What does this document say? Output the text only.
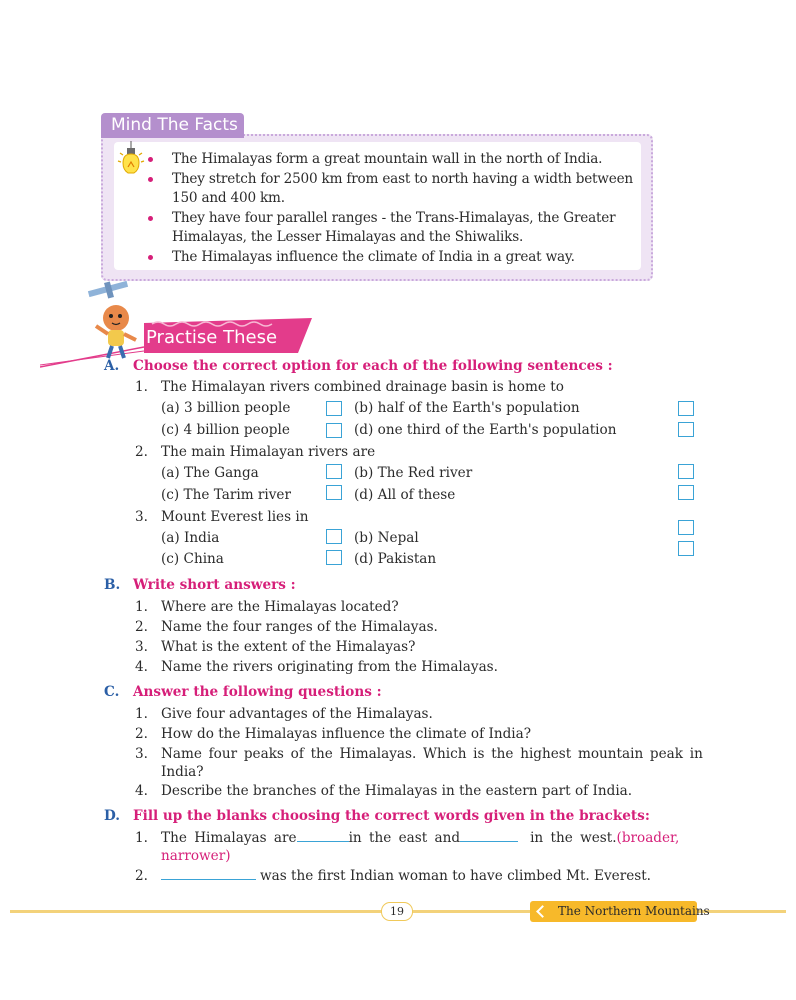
Mind The Facts
The Himalayas form a great mountain wall in the north of India.
They stretch for 2500 km from east to north having a width between
150 and 400 km.
They have four parallel ranges - the Trans-Himalayas, the Greater
Himalayas, the Lesser Himalayas and the Shiwaliks.
The Himalayas influence the climate of India in a great way.
Practise These
A. Choose the correct option for each of the following sentences :
1. The Himalayan rivers combined drainage basin is home to
(a) 3 billion people	(b) half of the Earth's population
(c) 4 billion people	(d) one third of the Earth's population
2. The main Himalayan rivers are
(a) The Ganga	(b) The Red river
(c) The Tarim river	(d) All of these
3. Mount Everest lies in
(a) India	(b) Nepal
(c) China	(d) Pakistan
B. Write short answers :
1. Where are the Himalayas located?
2. Name the four ranges of the Himalayas.
3. What is the extent of the Himalayas?
4. Name the rivers originating from the Himalayas.
C. Answer the following questions :
1. Give four advantages of the Himalayas.
2. How do the Himalayas influence the climate of India?
3. Name four peaks of the Himalayas. Which is the highest mountain peak in
India?
4. Describe the branches of the Himalayas in the eastern part of India.
D. Fill up the blanks choosing the correct words given in the brackets:
1. The Himalayas are	in the east and	in the west.(broader,
narrower)
2.	was the first Indian woman to have climbed Mt. Everest.
19	The Northern Mountains
